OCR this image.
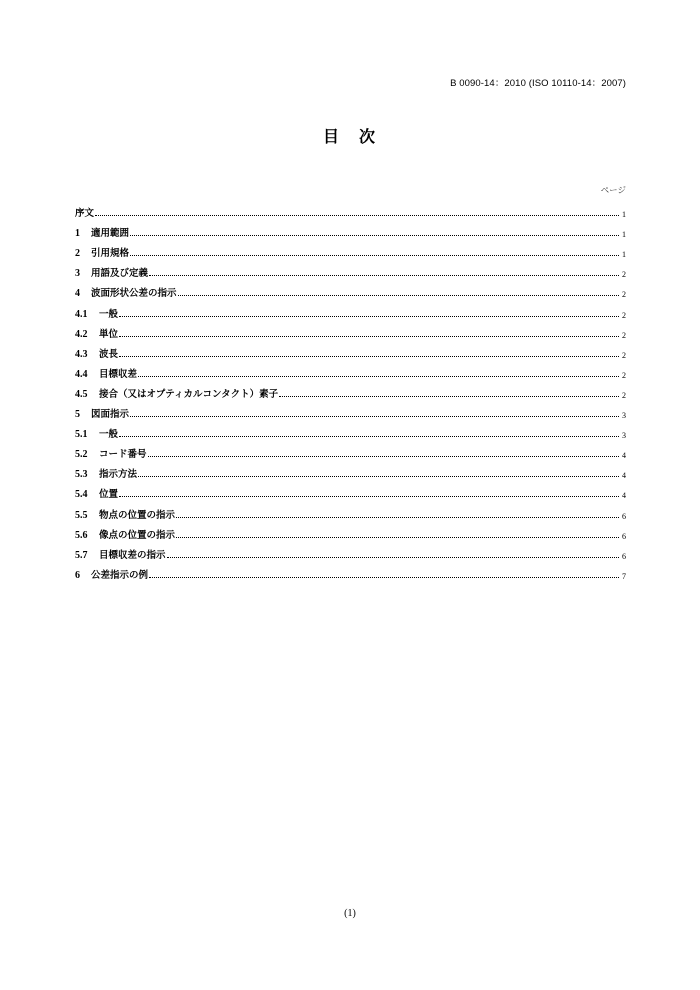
B 0090-14：2010 (ISO 10110-14：2007)
目　次
ページ
序文	1
1	適用範囲	1
2	引用規格	1
3	用語及び定義	2
4	波面形状公差の指示	2
4.1	一般	2
4.2	単位	2
4.3	波長	2
4.4	目標収差	2
4.5	接合（又はオプティカルコンタクト）素子	2
5	図面指示	3
5.1	一般	3
5.2	コード番号	4
5.3	指示方法	4
5.4	位置	4
5.5	物点の位置の指示	6
5.6	像点の位置の指示	6
5.7	目標収差の指示	6
6	公差指示の例	7
(1)
